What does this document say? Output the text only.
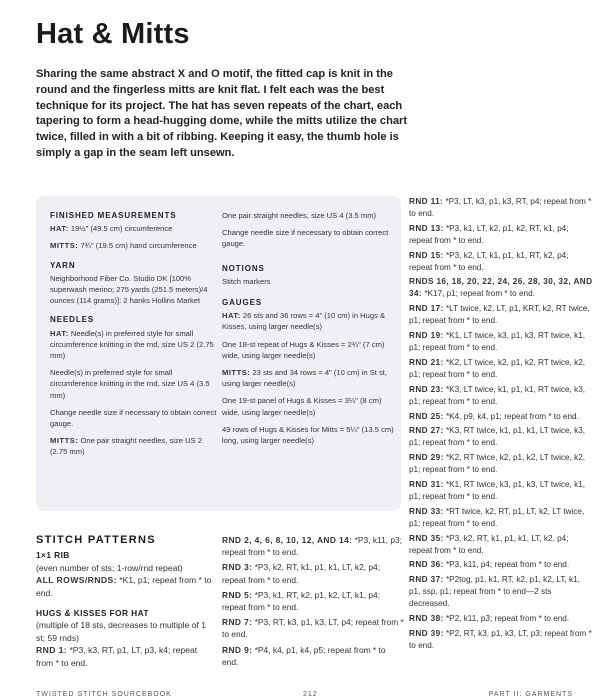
Hat & Mitts
Sharing the same abstract X and O motif, the fitted cap is knit in the round and the fingerless mitts are knit flat. I felt each was the best technique for its project. The hat has seven repeats of the chart, each tapering to form a head-hugging dome, while the mitts utilize the chart twice, filled in with a bit of ribbing. Keeping it easy, the thumb hole is simply a gap in the seam left unsewn.
FINISHED MEASUREMENTS
HAT: 19½" (49.5 cm) circumference
MITTS: 7¾" (19.5 cm) hand circumference
YARN
Neighborhood Fiber Co. Studio DK [100% superwash merino; 275 yards (251.5 meters)/4 ounces (114 grams)]: 2 hanks Hollins Market
NEEDLES
HAT: Needle(s) in preferred style for small circumference knitting in the rnd, size US 2 (2.75 mm)
Needle(s) in preferred style for small circumference knitting in the rnd, size US 4 (3.5 mm)
Change needle size if necessary to obtain correct gauge.
MITTS: One pair straight needles, size US 2 (2.75 mm)
One pair straight needles, size US 4 (3.5 mm)
Change needle size if necessary to obtain correct gauge.
NOTIONS
Stitch markers
GAUGES
HAT: 26 sts and 36 rows = 4" (10 cm) in Hugs & Kisses, using larger needle(s)
One 18-st repeat of Hugs & Kisses = 2¾" (7 cm) wide, using larger needle(s)
MITTS: 23 sts and 34 rows = 4" (10 cm) in St st, using larger needle(s)
One 19-st panel of Hugs & Kisses = 3¼" (8 cm) wide, using larger needle(s)
49 rows of Hugs & Kisses for Mitts = 5¼" (13.5 cm) long, using larger needle(s)
RND 11: *P3, LT, k3, p1, k3, RT, p4; repeat from * to end.
RND 13: *P3, k1, LT, k2, p1, k2, RT, k1, p4; repeat from * to end.
RND 15: *P3, k2, LT, k1, p1, k1, RT, k2, p4; repeat from * to end.
RNDS 16, 18, 20, 22, 24, 26, 28, 30, 32, AND 34: *K17, p1; repeat from * to end.
RND 17: *LT twice, k2, LT, p1, KRT, k2, RT twice, p1; repeat from * to end.
RND 19: *K1, LT twice, k3, p1, k3, RT twice, k1, p1; repeat from * to end.
RND 21: *K2, LT twice, k2, p1, k2, RT twice, k2, p1; repeat from * to end.
RND 23: *K3, LT twice, k1, p1, k1, RT twice, k3, p1; repeat from * to end.
RND 25: *K4, p9, k4, p1; repeat from * to end.
RND 27: *K3, RT twice, k1, p1, k1, LT twice, k3, p1; repeat from * to end.
RND 29: *K2, RT twice, k2, p1, k2, LT twice, k2, p1; repeat from * to end.
RND 31: *K1, RT twice, k3, p1, k3, LT twice, k1, p1; repeat from * to end.
RND 33: *RT twice, k2, RT, p1, LT, k2, LT twice, p1; repeat from * to end.
RND 35: *P3, k2, RT, k1, p1, k1, LT, k2, p4; repeat from * to end.
RND 36: *P3, k11, p4; repeat from * to end.
RND 37: *P2tog, p1, k1, RT, k2, p1, k2, LT, k1, p1, ssp, p1; repeat from * to end—2 sts decreased.
RND 38: *P2, k11, p3; repeat from * to end.
RND 39: *P2, RT, k3, p1, k3, LT, p3; repeat from * to end.
STITCH PATTERNS
1×1 RIB
(even number of sts; 1-row/rnd repeat)
ALL ROWS/RNDS: *K1, p1; repeat from * to end.
HUGS & KISSES FOR HAT
(multiple of 18 sts, decreases to multiple of 1 st; 59 rnds)
RND 1: *P3, k3, RT, p1, LT, p3, k4; repeat from * to end.
RND 2, 4, 6, 8, 10, 12, AND 14: *P3, k11, p3; repeat from * to end.
RND 3: *P3, k2, RT, k1, p1, k1, LT, k2, p4; repeat from * to end.
RND 5: *P3, k1, RT, k2, p1, k2, LT, k1, p4; repeat from * to end.
RND 7: *P3, RT, k3, p1, k3, LT, p4; repeat from * to end.
RND 9: *P4, k4, p1, k4, p5; repeat from * to end.
TWISTED STITCH SOURCEBOOK	212	PART II: GARMENTS
